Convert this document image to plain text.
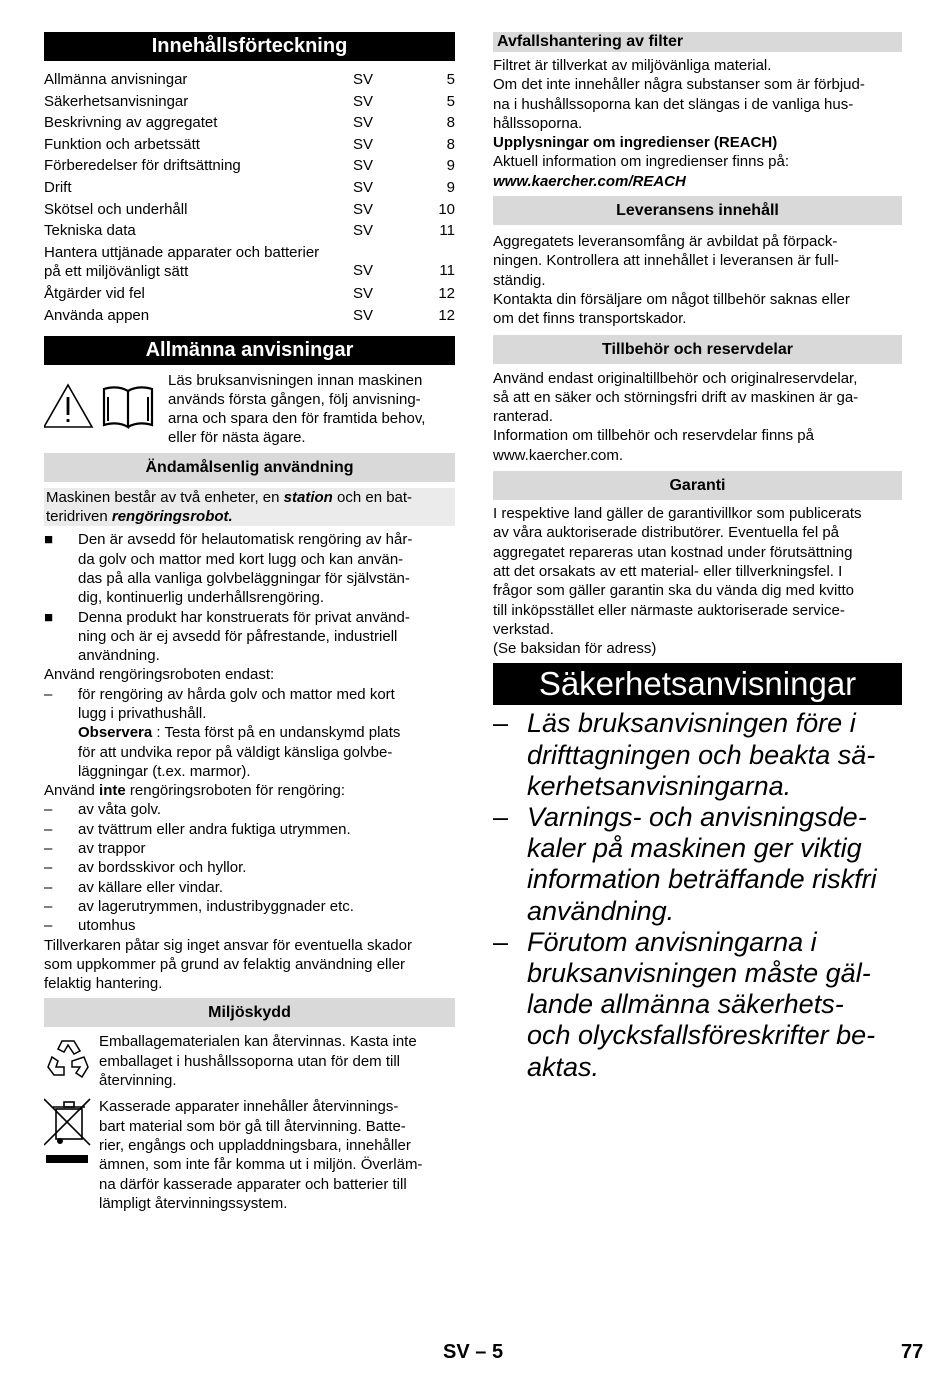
Innehållsförteckning
Allmänna anvisningar	SV	5
Säkerhetsanvisningar	SV	5
Beskrivning av aggregatet	SV	8
Funktion och arbetssätt	SV	8
Förberedelser för driftsättning	SV	9
Drift	SV	9
Skötsel och underhåll	SV	10
Tekniska data	SV	11
Hantera uttjänade apparater och batterier
på ett miljövänligt sätt	SV	11
Åtgärder vid fel	SV	12
Använda appen	SV	12
Allmänna anvisningar
Läs bruksanvisningen innan maskinen
används första gången, följ anvisning-
arna och spara den för framtida behov,
eller för nästa ägare.
Ändamålsenlig användning
Maskinen består av två enheter, en station och en bat-
teridriven rengöringsrobot.
■	Den är avsedd för helautomatisk rengöring av hår-
da golv och mattor med kort lugg och kan använ-
das på alla vanliga golvbeläggningar för självstän-
dig, kontinuerlig underhållsrengöring.
■	Denna produkt har konstruerats för privat använd-
ning och är ej avsedd för påfrestande, industriell
användning.
Använd rengöringsroboten endast:
–	för rengöring av hårda golv och mattor med kort
lugg i privathushåll.
Observera : Testa först på en undanskymd plats
för att undvika repor på väldigt känsliga golvbe-
läggningar (t.ex. marmor).
Använd inte rengöringsroboten för rengöring:
–	av våta golv.
–	av tvättrum eller andra fuktiga utrymmen.
–	av trappor
–	av bordsskivor och hyllor.
–	av källare eller vindar.
–	av lagerutrymmen, industribyggnader etc.
–	utomhus
Tillverkaren påtar sig inget ansvar för eventuella skador
som uppkommer på grund av felaktig användning eller
felaktig hantering.
Miljöskydd
Emballagematerialen kan återvinnas. Kasta inte
emballaget i hushållssoporna utan för dem till
återvinning.
Kasserade apparater innehåller återvinnings-
bart material som bör gå till återvinning. Batte-
rier, engångs och uppladdningsbara, innehåller
ämnen, som inte får komma ut i miljön. Överläm-
na därför kasserade apparater och batterier till
lämpligt återvinningssystem.
Avfallshantering av filter
Filtret är tillverkat av miljövänliga material.
Om det inte innehåller några substanser som är förbjud-
na i hushållssoporna kan det slängas i de vanliga hus-
hållssoporna.
Upplysningar om ingredienser (REACH)
Aktuell information om ingredienser finns på:
www.kaercher.com/REACH
Leveransens innehåll
Aggregatets leveransomfång är avbildat på förpack-
ningen. Kontrollera att innehållet i leveransen är full-
ständig.
Kontakta din försäljare om något tillbehör saknas eller
om det finns transportskador.
Tillbehör och reservdelar
Använd endast originaltillbehör och originalreservdelar,
så att en säker och störningsfri drift av maskinen är ga-
ranterad.
Information om tillbehör och reservdelar finns på
www.kaercher.com.
Garanti
I respektive land gäller de garantivillkor som publicerats
av våra auktoriserade distributörer. Eventuella fel på
aggregatet repareras utan kostnad under förutsättning
att det orsakats av ett material- eller tillverkningsfel. I
frågor som gäller garantin ska du vända dig med kvitto
till inköpsstället eller närmaste auktoriserade service-
verkstad.
(Se baksidan för adress)
Säkerhetsanvisningar
– Läs bruksanvisningen före i
drifttagningen och beakta sä-
kerhetsanvisningarna.
– Varnings- och anvisningsde-
kaler på maskinen ger viktig
information beträffande riskfri
användning.
– Förutom anvisningarna i
bruksanvisningen måste gäl-
lande allmänna säkerhets-
och olycksfallsföreskrifter be-
aktas.
SV – 5	77
